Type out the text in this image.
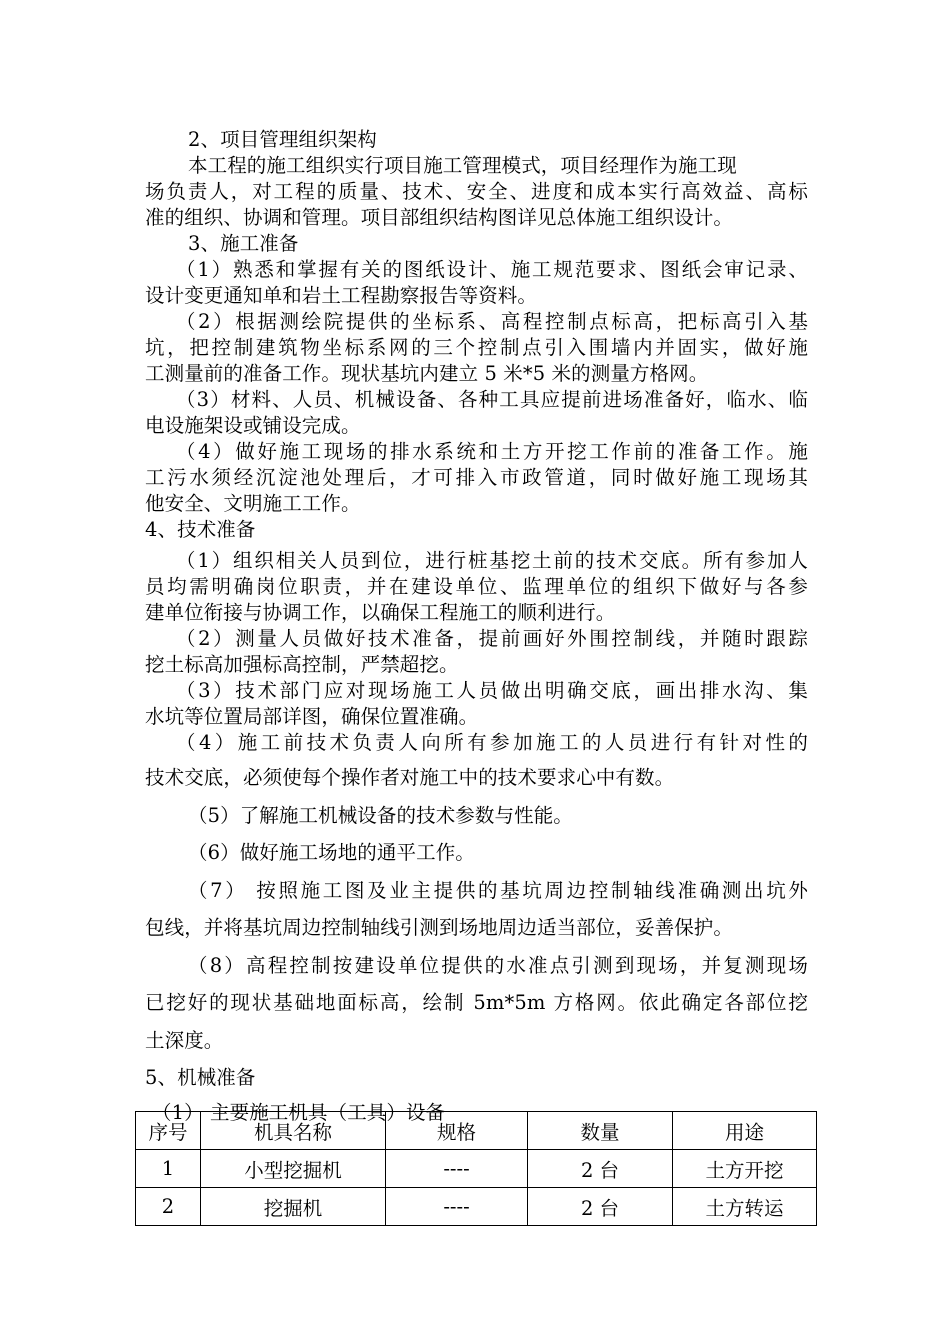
2、项目管理组织架构
本工程的施工组织实行项目施工管理模式，项目经理作为施工现
场负责人，对工程的质量、技术、安全、进度和成本实行高效益、高标
准的组织、协调和管理。项目部组织结构图详见总体施工组织设计。
3、施工准备
（1）熟悉和掌握有关的图纸设计、施工规范要求、图纸会审记录、
设计变更通知单和岩土工程勘察报告等资料。
（2）根据测绘院提供的坐标系、高程控制点标高，把标高引入基
坑，把控制建筑物坐标系网的三个控制点引入围墙内并固实，做好施
工测量前的准备工作。现状基坑内建立 5 米*5 米的测量方格网。
（3）材料、人员、机械设备、各种工具应提前进场准备好，临水、临
电设施架设或铺设完成。
（4）做好施工现场的排水系统和土方开挖工作前的准备工作。施
工污水须经沉淀池处理后，才可排入市政管道，同时做好施工现场其
他安全、文明施工工作。
4、技术准备
（1）组织相关人员到位，进行桩基挖土前的技术交底。所有参加人
员均需明确岗位职责，并在建设单位、监理单位的组织下做好与各参
建单位衔接与协调工作，以确保工程施工的顺利进行。
（2）测量人员做好技术准备，提前画好外围控制线，并随时跟踪
挖土标高加强标高控制，严禁超挖。
（3）技术部门应对现场施工人员做出明确交底，画出排水沟、集
水坑等位置局部详图，确保位置准确。
（4）施工前技术负责人向所有参加施工的人员进行有针对性的
技术交底，必须使每个操作者对施工中的技术要求心中有数。
（5）了解施工机械设备的技术参数与性能。
（6）做好施工场地的通平工作。
（7） 按照施工图及业主提供的基坑周边控制轴线准确测出坑外
包线，并将基坑周边控制轴线引测到场地周边适当部位，妥善保护。
（8）高程控制按建设单位提供的水准点引测到现场，并复测现场
已挖好的现状基础地面标高，绘制 5m*5m 方格网。依此确定各部位挖
土深度。
5、机械准备
（1） 主要施工机具（工具）设备
序号	机具名称	规格	数量	用途
1	小型挖掘机	----	2 台	土方开挖
2	挖掘机	----	2 台	土方转运
